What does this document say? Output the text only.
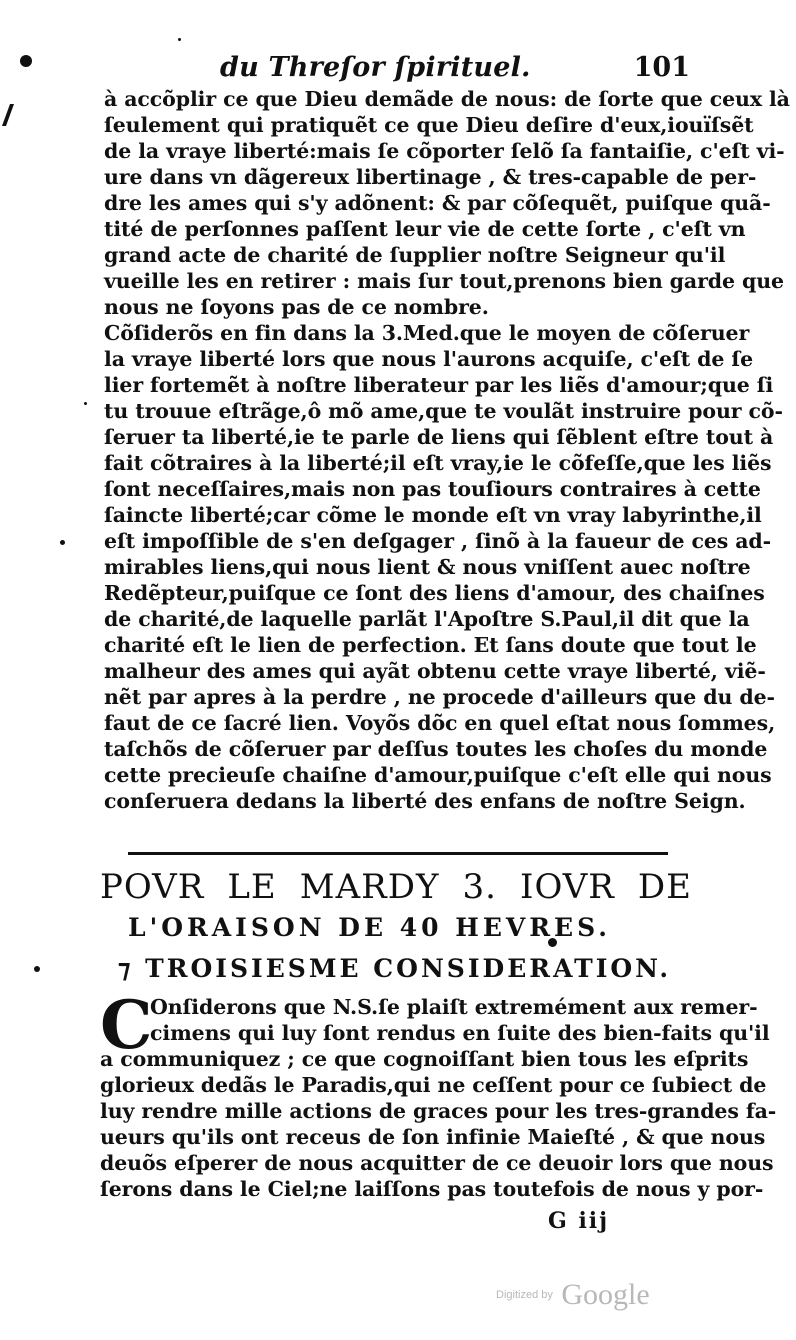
du Threſor ſpirituel.	101
à accõplir ce que Dieu demãde de nous: de ſorte que ceux là
ſeulement qui pratiquẽt ce que Dieu deſire d'eux,iouïſsẽt
de la vraye liberté:mais ſe cõporter ſelõ ſa fantaiſie, c'eſt vi-
ure dans vn dãgereux libertinage , & tres-capable de per-
dre les ames qui s'y adõnent: & par cõſequẽt, puiſque quã-
tité de perſonnes paſſent leur vie de cette ſorte , c'eſt vn
grand acte de charité de ſupplier noſtre Seigneur qu'il
vueille les en retirer : mais ſur tout,prenons bien garde que
nous ne ſoyons pas de ce nombre.
Cõſiderõs en fin dans la 3.Med.que le moyen de cõſeruer
la vraye liberté lors que nous l'aurons acquiſe, c'eſt de ſe
lier fortemẽt à noſtre liberateur par les liẽs d'amour;que ſi
tu trouue eſtrãge,ô mõ ame,que te voulãt instruire pour cõ-
ſeruer ta liberté,ie te parle de liens qui ſẽblent eſtre tout à
fait cõtraires à la liberté;il eſt vray,ie le cõfeſſe,que les liẽs
ſont neceſſaires,mais non pas touſiours contraires à cette
ſaincte liberté;car cõme le monde eſt vn vray labyrinthe,il
eſt impoſſible de s'en deſgager , ſinõ à la faueur de ces ad-
mirables liens,qui nous lient & nous vniſſent auec noſtre
Redẽpteur,puiſque ce ſont des liens d'amour, des chaiſnes
de charité,de laquelle parlãt l'Apoſtre S.Paul,il dit que la
charité eſt le lien de perfection. Et ſans doute que tout le
malheur des ames qui ayãt obtenu cette vraye liberté, viẽ-
nẽt par apres à la perdre , ne procede d'ailleurs que du de-
faut de ce ſacré lien. Voyõs dõc en quel eſtat nous ſommes,
taſchõs de cõſeruer par deſſus toutes les choſes du monde
cette precieuſe chaiſne d'amour,puiſque c'eſt elle qui nous
conſeruera dedans la liberté des enfans de noſtre Seign.
POVR LE MARDY 3. IOVR DE
L'ORAISON DE 40 HEVRES.
⁊ TROISIESME CONSIDERATION.
C
Onſiderons que N.S.ſe plaiſt extremément aux remer-
cimens qui luy ſont rendus en ſuite des bien-faits qu'il
a communiquez ; ce que cognoiſſant bien tous les eſprits
glorieux dedãs le Paradis,qui ne ceſſent pour ce ſubiect de
luy rendre mille actions de graces pour les tres-grandes fa-
ueurs qu'ils ont receus de ſon infinie Maieſté , & que nous
deuõs eſperer de nous acquitter de ce deuoir lors que nous
ſerons dans le Ciel;ne laiſſons pas toutefois de nous y por-
G iij
Digitized by Google
